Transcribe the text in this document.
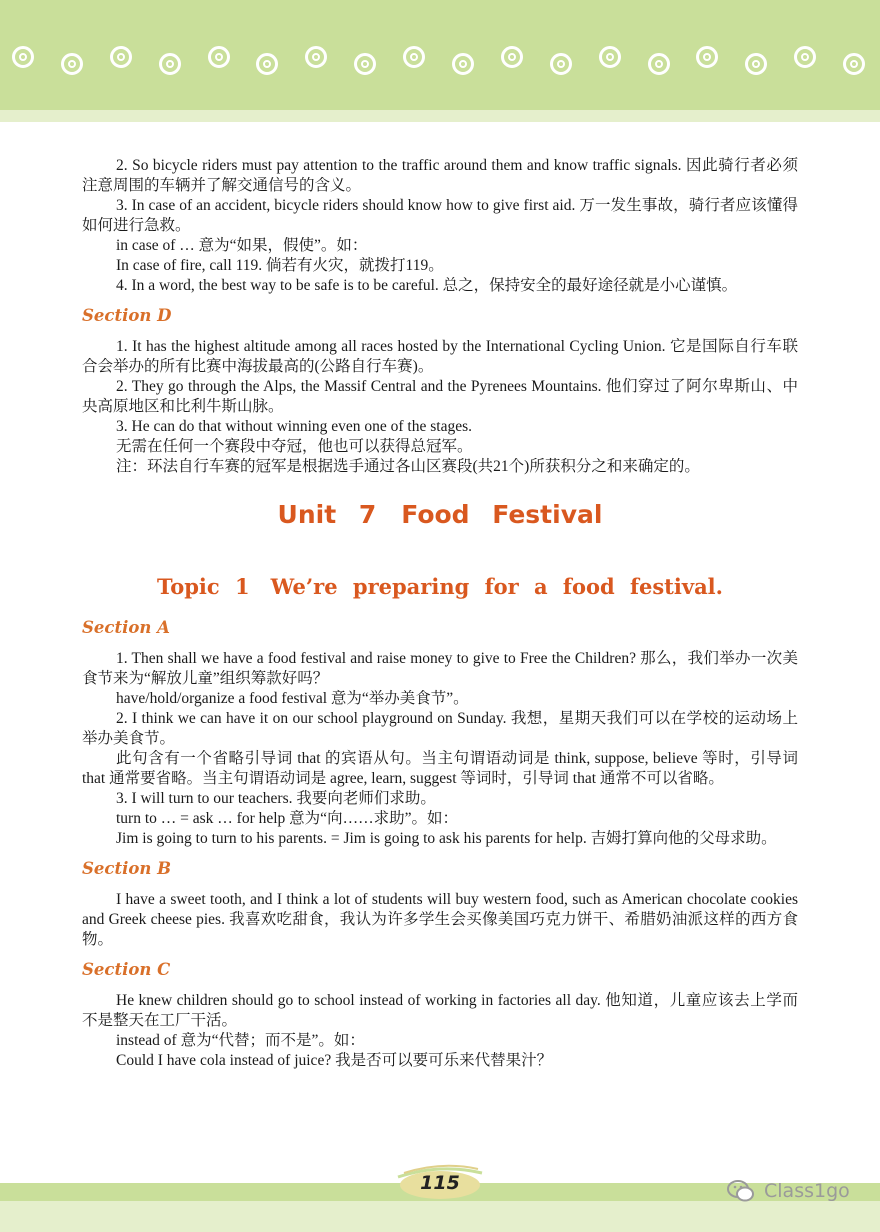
2. So bicycle riders must pay attention to the traffic around them and know traffic signals. 因此骑行者必须注意周围的车辆并了解交通信号的含义。

3. In case of an accident, bicycle riders should know how to give first aid. 万一发生事故，骑行者应该懂得如何进行急救。

in case of … 意为“如果，假使”。如：

In case of fire, call 119. 倘若有火灾，就拨打119。

4. In a word, the best way to be safe is to be careful. 总之，保持安全的最好途径就是小心谨慎。

Section D

1. It has the highest altitude among all races hosted by the International Cycling Union. 它是国际自行车联合会举办的所有比赛中海拔最高的(公路自行车赛)。

2. They go through the Alps, the Massif Central and the Pyrenees Mountains. 他们穿过了阿尔卑斯山、中央高原地区和比利牛斯山脉。

3. He can do that without winning even one of the stages.

无需在任何一个赛段中夺冠，他也可以获得总冠军。

注：环法自行车赛的冠军是根据选手通过各山区赛段(共21个)所获积分之和来确定的。

Unit 7　Food Festival
Topic 1　We’re preparing for a food festival.
Section A

1. Then shall we have a food festival and raise money to give to Free the Children? 那么，我们举办一次美食节来为“解放儿童”组织筹款好吗？

have/hold/organize a food festival 意为“举办美食节”。

2. I think we can have it on our school playground on Sunday. 我想，星期天我们可以在学校的运动场上举办美食节。

此句含有一个省略引导词 that 的宾语从句。当主句谓语动词是 think, suppose, believe 等时，引导词 that 通常要省略。当主句谓语动词是 agree, learn, suggest 等词时，引导词 that 通常不可以省略。

3. I will turn to our teachers. 我要向老师们求助。

turn to … = ask … for help 意为“向……求助”。如：

Jim is going to turn to his parents. = Jim is going to ask his parents for help. 吉姆打算向他的父母求助。

Section B

I have a sweet tooth, and I think a lot of students will buy western food, such as American chocolate cookies and Greek cheese pies. 我喜欢吃甜食，我认为许多学生会买像美国巧克力饼干、希腊奶油派这样的西方食物。

Section C

He knew children should go to school instead of working in factories all day. 他知道，儿童应该去上学而不是整天在工厂干活。

instead of 意为“代替；而不是”。如：

Could I have cola instead of juice? 我是否可以要可乐来代替果汁？

115	Class1go
